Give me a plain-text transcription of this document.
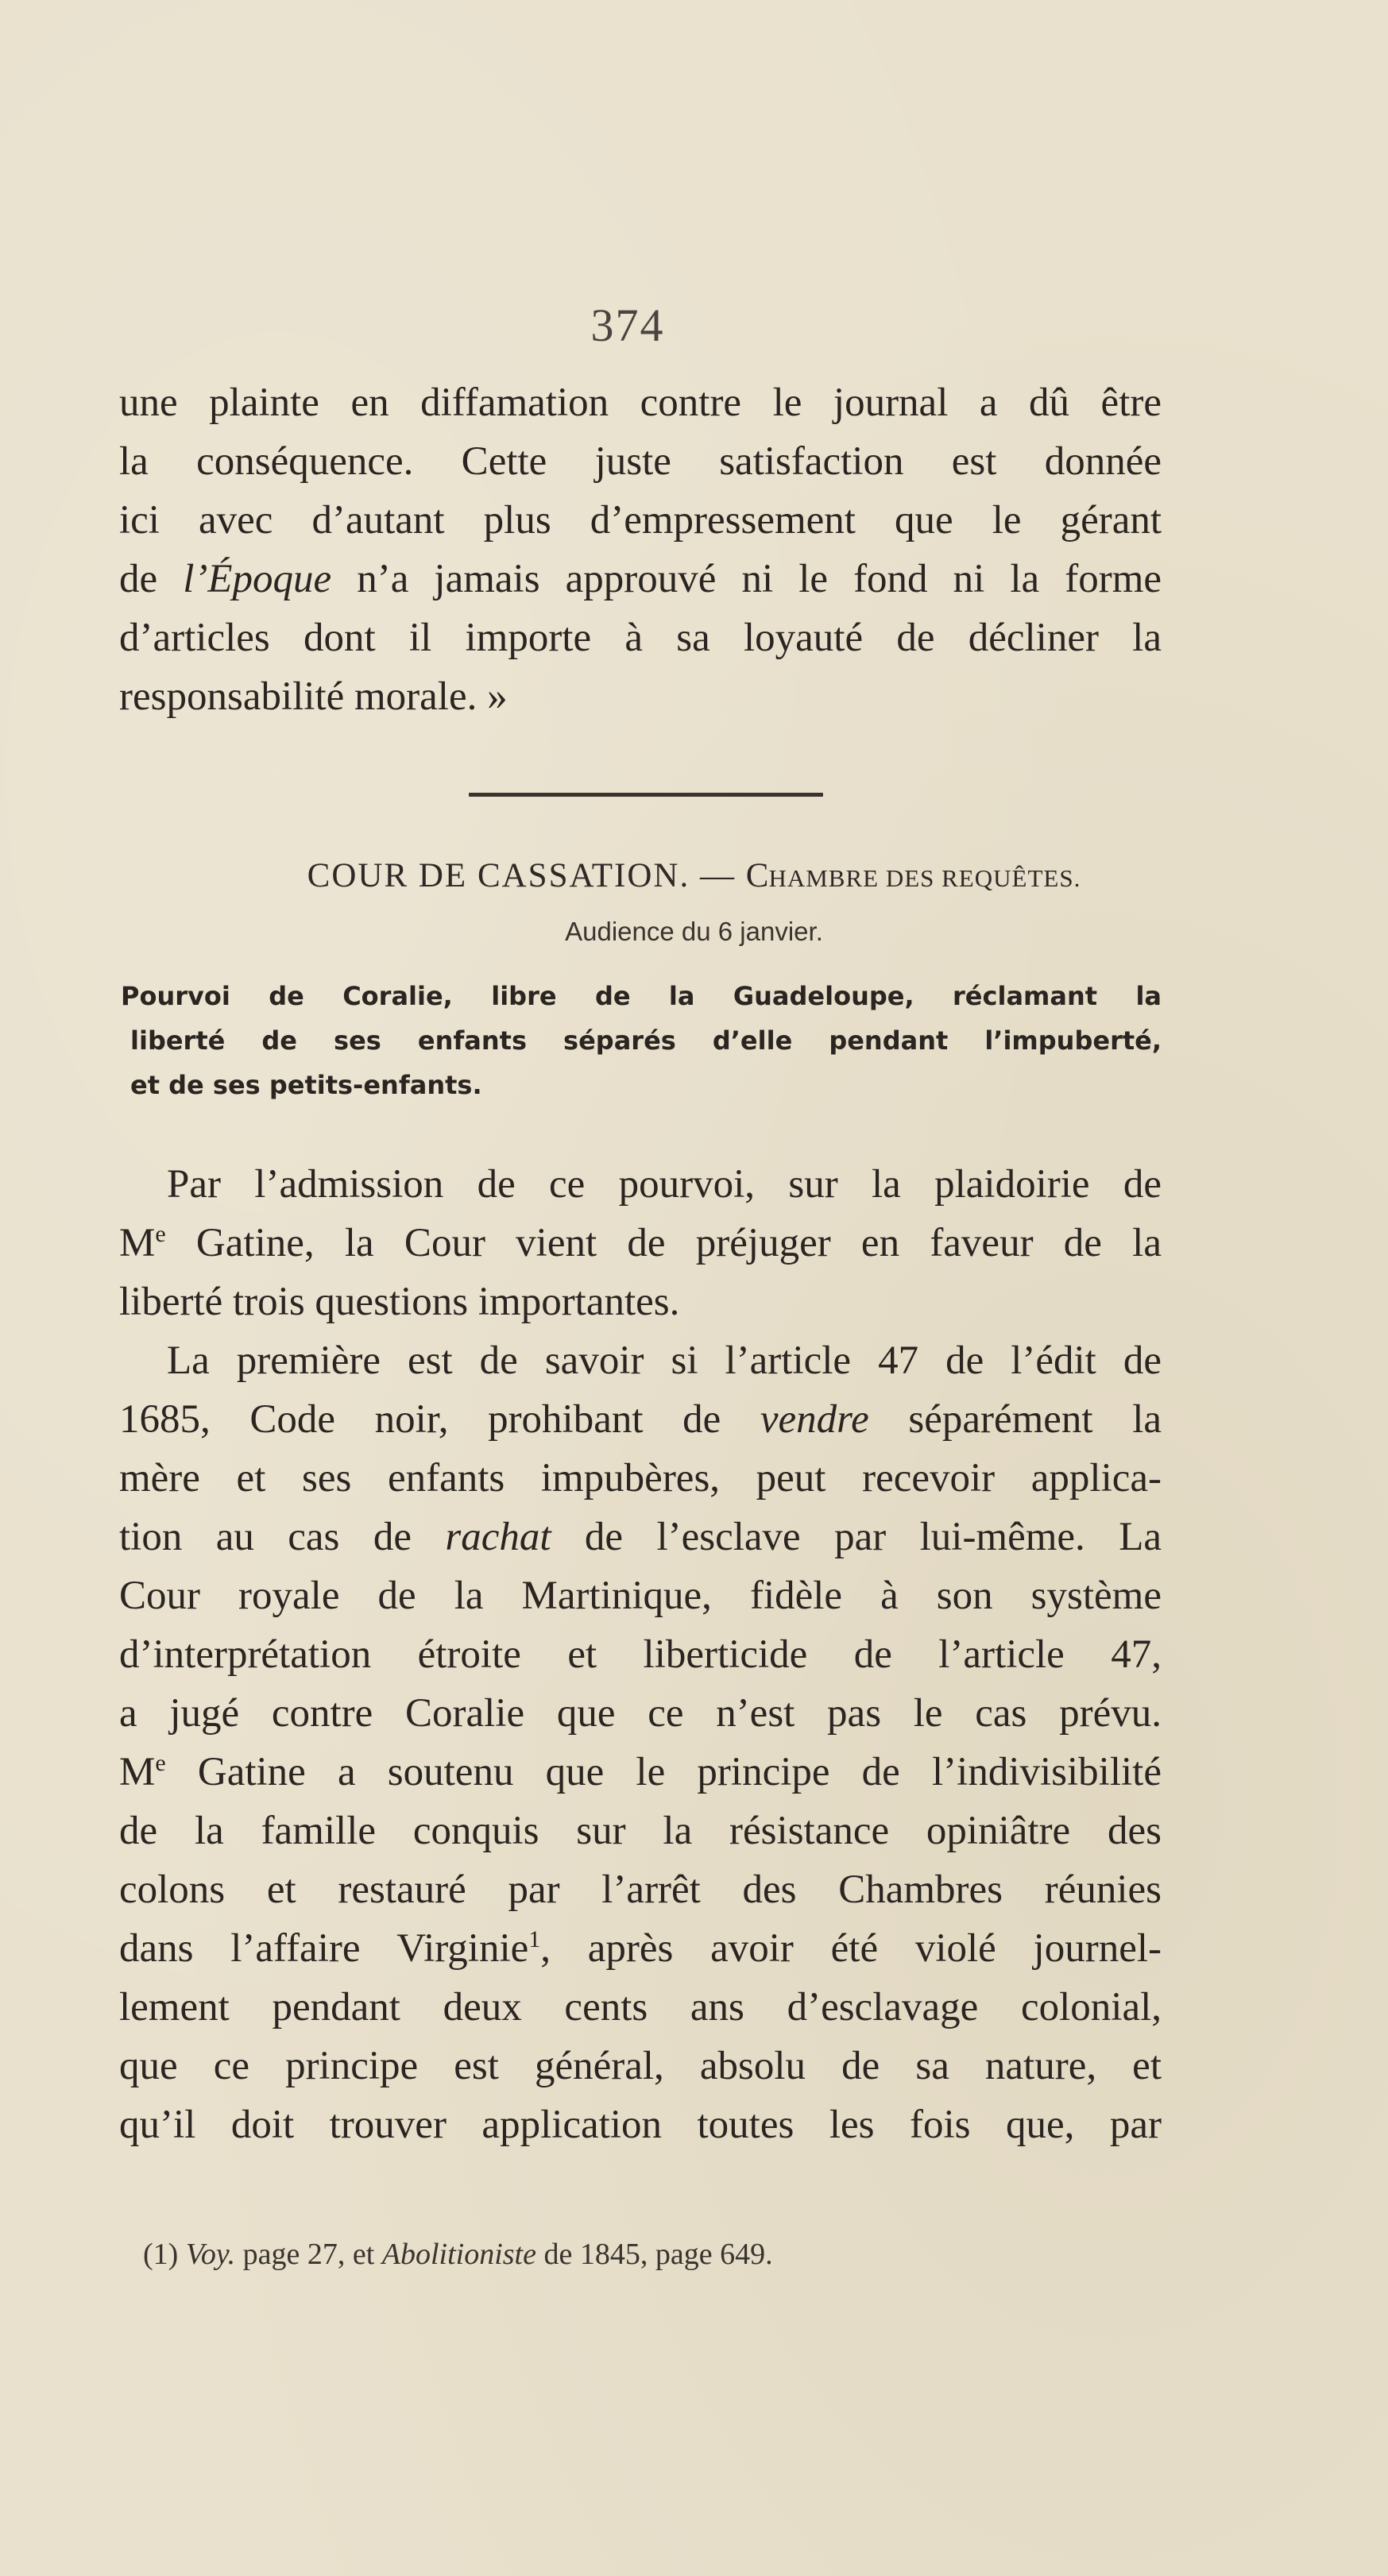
374
une plainte en diffamation contre le journal a dû être
la conséquence. Cette juste satisfaction est donnée
ici avec d’autant plus d’empressement que le gérant
de l’Époque n’a jamais approuvé ni le fond ni la forme
d’articles dont il importe à sa loyauté de décliner la
responsabilité morale. »
COUR DE CASSATION. — CHAMBRE DES REQUÊTES.
Audience du 6 janvier.
Pourvoi de Coralie, libre de la Guadeloupe, réclamant la
liberté de ses enfants séparés d’elle pendant l’impuberté,
et de ses petits-enfants.
Par l’admission de ce pourvoi, sur la plaidoirie de
Me Gatine, la Cour vient de préjuger en faveur de la
liberté trois questions importantes.
La première est de savoir si l’article 47 de l’édit de
1685, Code noir, prohibant de vendre séparément la
mère et ses enfants impubères, peut recevoir applica-
tion au cas de rachat de l’esclave par lui-même. La
Cour royale de la Martinique, fidèle à son système
d’interprétation étroite et liberticide de l’article 47,
a jugé contre Coralie que ce n’est pas le cas prévu.
Me Gatine a soutenu que le principe de l’indivisibilité
de la famille conquis sur la résistance opiniâtre des
colons et restauré par l’arrêt des Chambres réunies
dans l’affaire Virginie$^1$, après avoir été violé journel-
lement pendant deux cents ans d’esclavage colonial,
que ce principe est général, absolu de sa nature, et
qu’il doit trouver application toutes les fois que, par
(1) Voy. page 27, et Abolitioniste de 1845, page 649.
